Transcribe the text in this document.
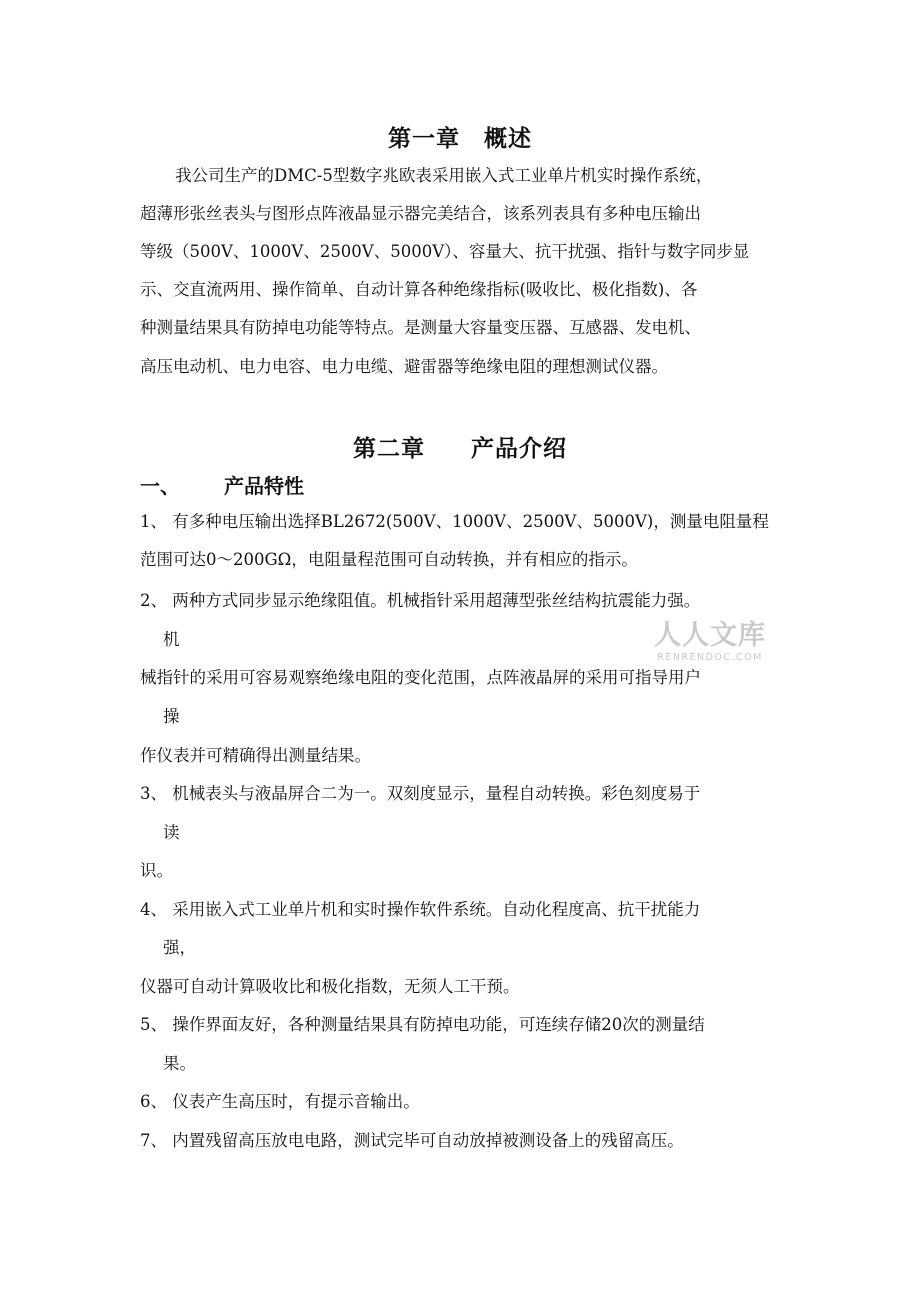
第一章 概述
我公司生产的DMC-5型数字兆欧表采用嵌入式工业单片机实时操作系统，
超薄形张丝表头与图形点阵液晶显示器完美结合，该系列表具有多种电压输出
等级（500V、1000V、2500V、5000V）、容量大、抗干扰强、指针与数字同步显
示、交直流两用、操作简单、自动计算各种绝缘指标(吸收比、极化指数)、各
种测量结果具有防掉电功能等特点。是测量大容量变压器、互感器、发电机、
高压电动机、电力电容、电力电缆、避雷器等绝缘电阻的理想测试仪器。
第二章 产品介绍
一、 产品特性
1、 有多种电压输出选择BL2672(500V、1000V、2500V、5000V)，测量电阻量程
范围可达0～200GΩ，电阻量程范围可自动转换，并有相应的指示。
2、 两种方式同步显示绝缘阻值。机械指针采用超薄型张丝结构抗震能力强。
机
械指针的采用可容易观察绝缘电阻的变化范围，点阵液晶屏的采用可指导用户
操
作仪表并可精确得出测量结果。
3、 机械表头与液晶屏合二为一。双刻度显示，量程自动转换。彩色刻度易于
读
识。
4、 采用嵌入式工业单片机和实时操作软件系统。自动化程度高、抗干扰能力
强，
仪器可自动计算吸收比和极化指数，无须人工干预。
5、 操作界面友好，各种测量结果具有防掉电功能，可连续存储20次的测量结
果。
6、 仪表产生高压时，有提示音输出。
7、 内置残留高压放电电路，测试完毕可自动放掉被测设备上的残留高压。
人人文库
RENRENDOC.COM
